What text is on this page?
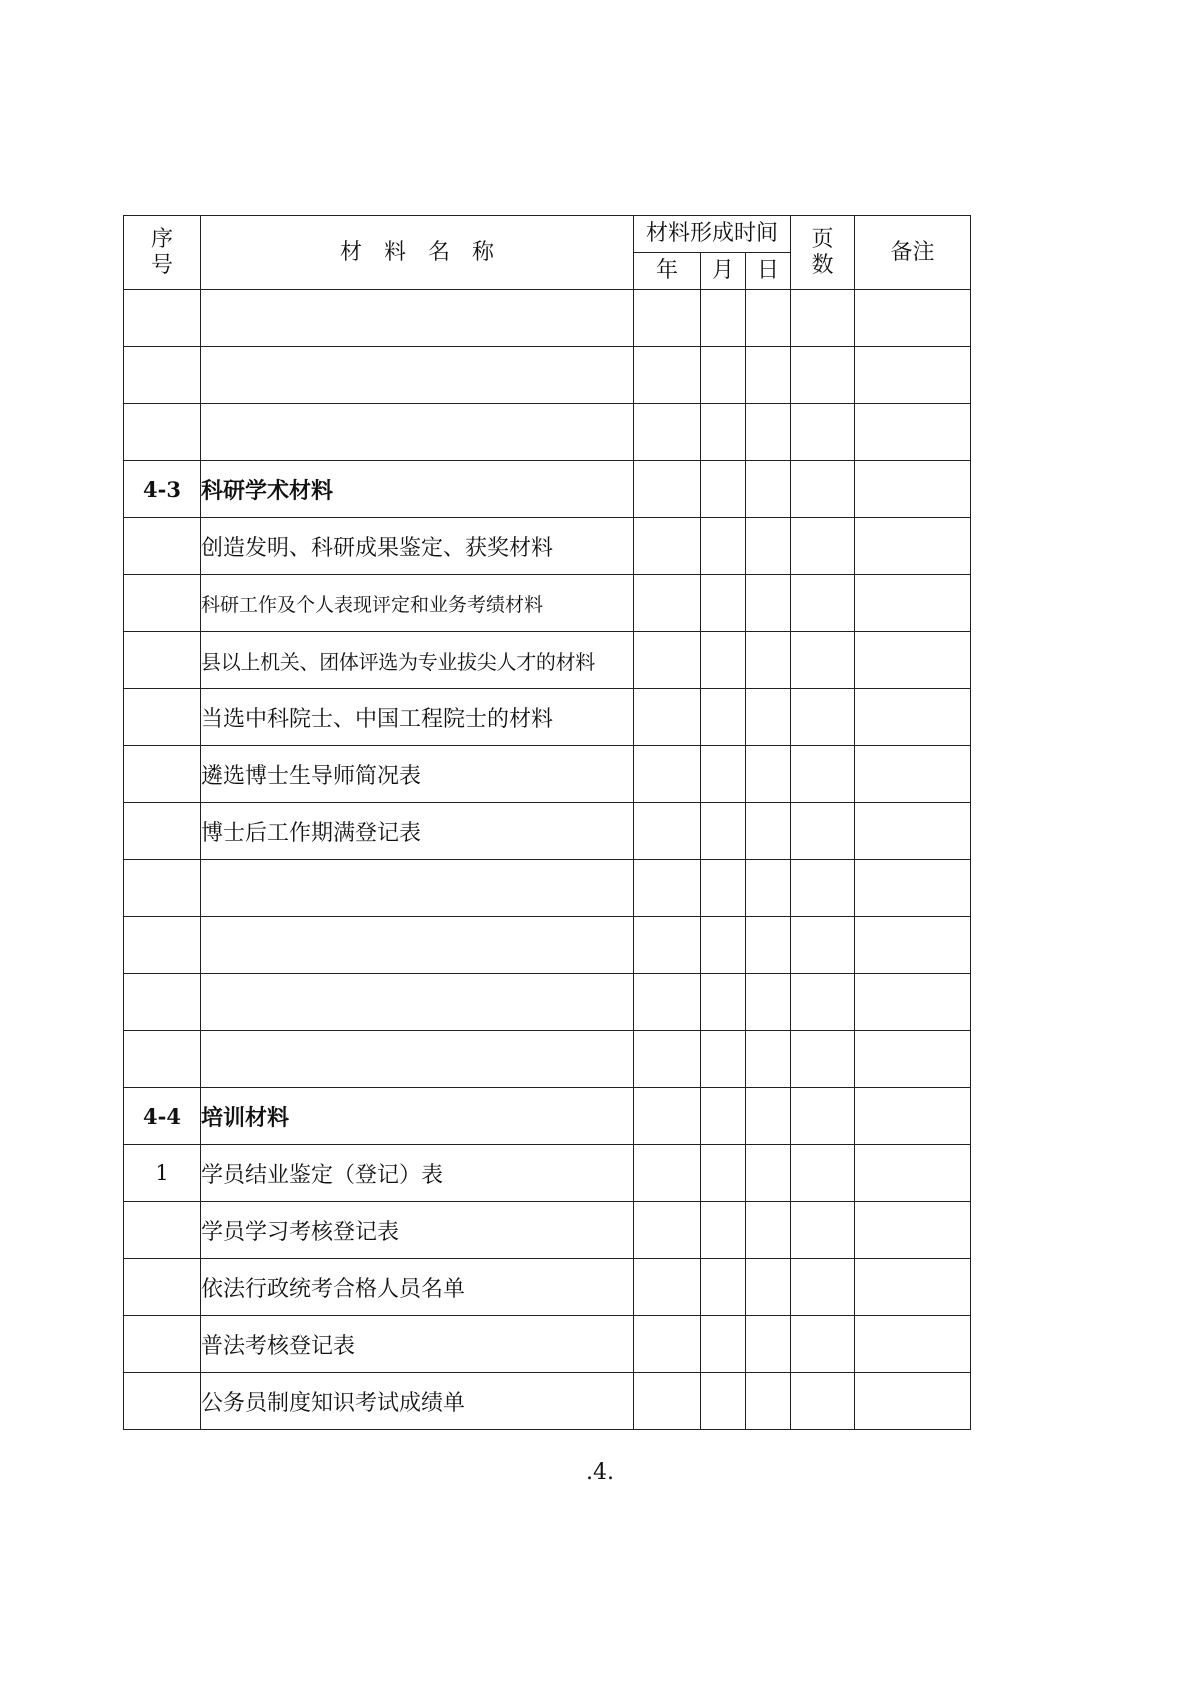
序号	材料名称	材料形成时间			页数	备注
		年	月	日		

4-3	科研学术材料					
	创造发明、科研成果鉴定、获奖材料					
	科研工作及个人表现评定和业务考绩材料					
	县以上机关、团体评选为专业拔尖人才的材料					
	当选中科院士、中国工程院士的材料					
	遴选博士生导师简况表					
	博士后工作期满登记表					

4-4	培训材料					
1	学员结业鉴定（登记）表					
	学员学习考核登记表					
	依法行政统考合格人员名单					
	普法考核登记表					
	公务员制度知识考试成绩单					
.4.
